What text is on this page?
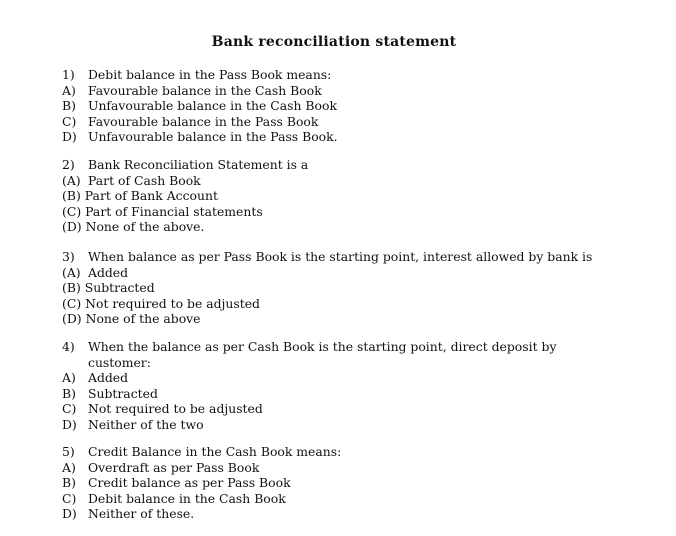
Bank reconciliation statement
1)	Debit balance in the Pass Book means:
A) Favourable balance in the Cash Book
B) Unfavourable balance in the Cash Book
C) Favourable balance in the Pass Book
D) Unfavourable balance in the Pass Book.
2)	Bank Reconciliation Statement is a
(A) Part of Cash Book
(B) Part of Bank Account
(C) Part of Financial statements
(D) None of the above.
3)	When balance as per Pass Book is the starting point, interest allowed by bank is
(A) Added
(B) Subtracted
(C) Not required to be adjusted
(D) None of the above
4)	When the balance as per Cash Book is the starting point, direct deposit by
customer:
A) Added
B) Subtracted
C) Not required to be adjusted
D) Neither of the two
5)	Credit Balance in the Cash Book means:
A) Overdraft as per Pass Book
B) Credit balance as per Pass Book
C) Debit balance in the Cash Book
D) Neither of these.
